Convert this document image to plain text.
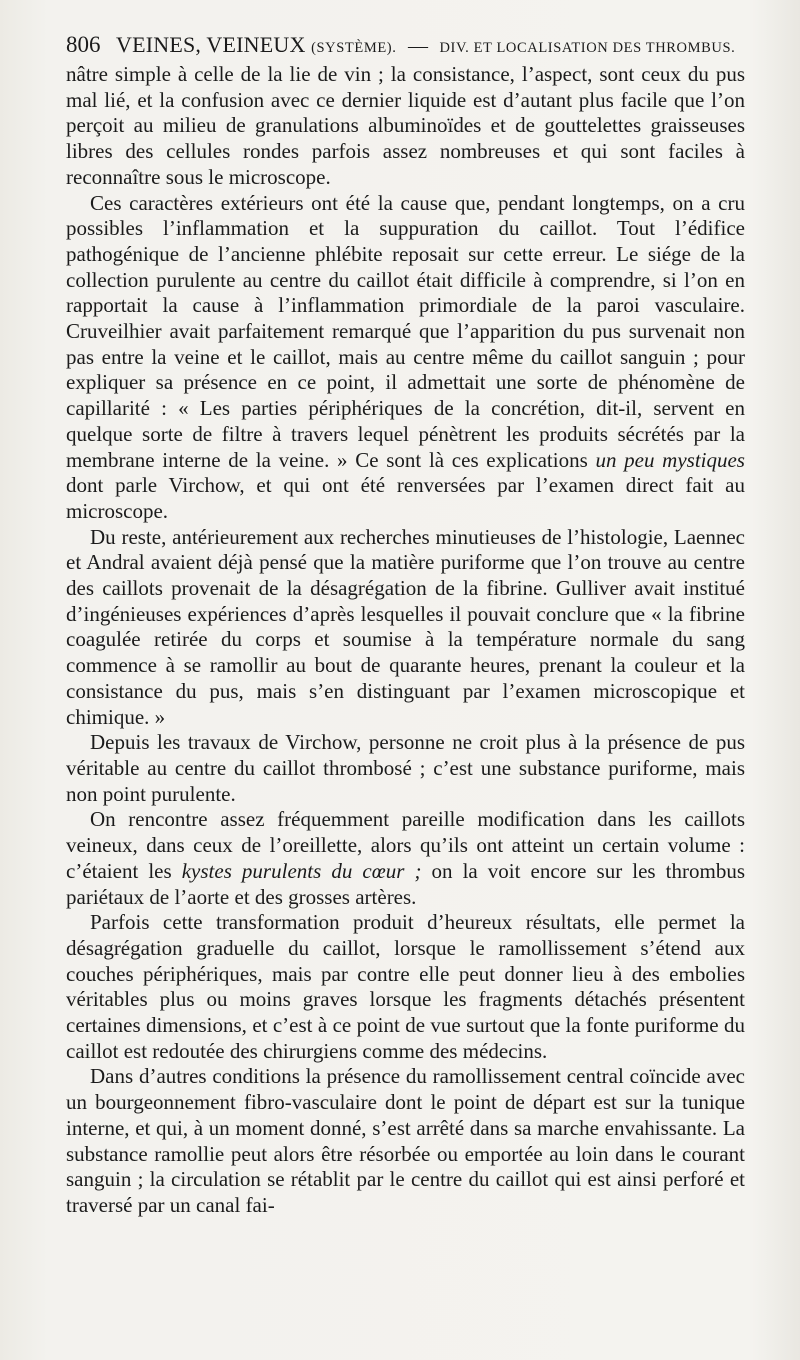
806 VEINES, VEINEUX (SYSTÈME). — DIV. ET LOCALISATION DES THROMBUS.

nâtre simple à celle de la lie de vin ; la consistance, l’aspect, sont ceux du pus mal lié, et la confusion avec ce dernier liquide est d’autant plus facile que l’on perçoit au milieu de granulations albuminoïdes et de gouttelettes graisseuses libres des cellules rondes parfois assez nombreuses et qui sont faciles à reconnaître sous le microscope.

Ces caractères extérieurs ont été la cause que, pendant longtemps, on a cru possibles l’inflammation et la suppuration du caillot. Tout l’édifice pathogénique de l’ancienne phlébite reposait sur cette erreur. Le siége de la collection purulente au centre du caillot était difficile à comprendre, si l’on en rapportait la cause à l’inflammation primordiale de la paroi vasculaire. Cruveilhier avait parfaitement remarqué que l’apparition du pus survenait non pas entre la veine et le caillot, mais au centre même du caillot sanguin ; pour expliquer sa présence en ce point, il admettait une sorte de phénomène de capillarité : « Les parties périphériques de la concrétion, dit-il, servent en quelque sorte de filtre à travers lequel pénètrent les produits sécrétés par la membrane interne de la veine. » Ce sont là ces explications un peu mystiques dont parle Virchow, et qui ont été renversées par l’examen direct fait au microscope.

Du reste, antérieurement aux recherches minutieuses de l’histologie, Laennec et Andral avaient déjà pensé que la matière puriforme que l’on trouve au centre des caillots provenait de la désagrégation de la fibrine. Gulliver avait institué d’ingénieuses expériences d’après lesquelles il pouvait conclure que « la fibrine coagulée retirée du corps et soumise à la température normale du sang commence à se ramollir au bout de quarante heures, prenant la couleur et la consistance du pus, mais s’en distinguant par l’examen microscopique et chimique. »

Depuis les travaux de Virchow, personne ne croit plus à la présence de pus véritable au centre du caillot thrombosé ; c’est une substance puriforme, mais non point purulente.

On rencontre assez fréquemment pareille modification dans les caillots veineux, dans ceux de l’oreillette, alors qu’ils ont atteint un certain volume : c’étaient les kystes purulents du cœur ; on la voit encore sur les thrombus pariétaux de l’aorte et des grosses artères.

Parfois cette transformation produit d’heureux résultats, elle permet la désagrégation graduelle du caillot, lorsque le ramollissement s’étend aux couches périphériques, mais par contre elle peut donner lieu à des embolies véritables plus ou moins graves lorsque les fragments détachés présentent certaines dimensions, et c’est à ce point de vue surtout que la fonte puriforme du caillot est redoutée des chirurgiens comme des médecins.

Dans d’autres conditions la présence du ramollissement central coïncide avec un bourgeonnement fibro-vasculaire dont le point de départ est sur la tunique interne, et qui, à un moment donné, s’est arrêté dans sa marche envahissante. La substance ramollie peut alors être résorbée ou emportée au loin dans le courant sanguin ; la circulation se rétablit par le centre du caillot qui est ainsi perforé et traversé par un canal fai-
